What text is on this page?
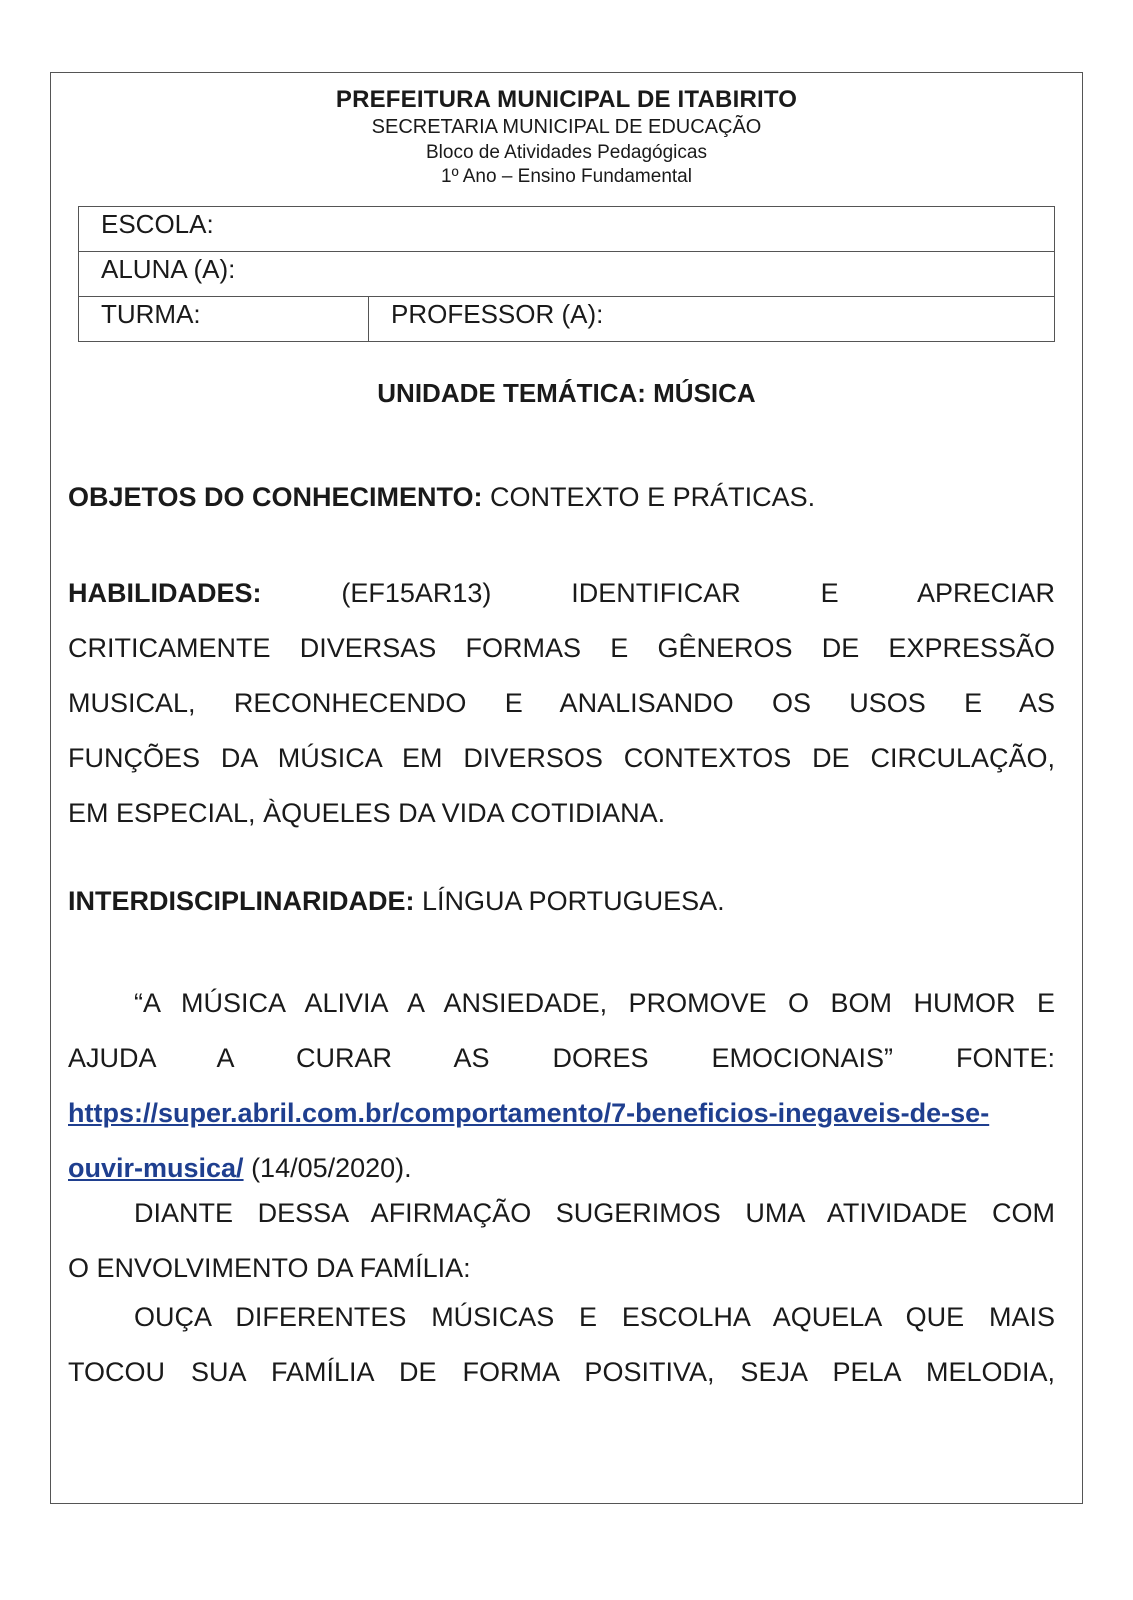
PREFEITURA MUNICIPAL DE ITABIRITO
SECRETARIA MUNICIPAL DE EDUCAÇÃO
Bloco de Atividades Pedagógicas
1º Ano – Ensino Fundamental
ESCOLA:
ALUNA (A):
TURMA:	PROFESSOR (A):
UNIDADE TEMÁTICA: MÚSICA
OBJETOS DO CONHECIMENTO: CONTEXTO E PRÁTICAS.
HABILIDADES:	(EF15AR13) IDENTIFICAR E APRECIAR
CRITICAMENTE DIVERSAS FORMAS E GÊNEROS DE EXPRESSÃO
MUSICAL, RECONHECENDO E ANALISANDO OS USOS E AS
FUNÇÕES DA MÚSICA EM DIVERSOS CONTEXTOS DE CIRCULAÇÃO,
EM ESPECIAL, ÀQUELES DA VIDA COTIDIANA.
INTERDISCIPLINARIDADE: LÍNGUA PORTUGUESA.
“A MÚSICA ALIVIA A ANSIEDADE, PROMOVE O BOM HUMOR E
AJUDA A CURAR AS DORES EMOCIONAIS” FONTE:
https://super.abril.com.br/comportamento/7-beneficios-inegaveis-de-se-
ouvir-musica/ (14/05/2020).
DIANTE DESSA AFIRMAÇÃO SUGERIMOS UMA ATIVIDADE COM
O ENVOLVIMENTO DA FAMÍLIA:
OUÇA DIFERENTES MÚSICAS E ESCOLHA AQUELA QUE MAIS
TOCOU SUA FAMÍLIA DE FORMA POSITIVA, SEJA PELA MELODIA,
